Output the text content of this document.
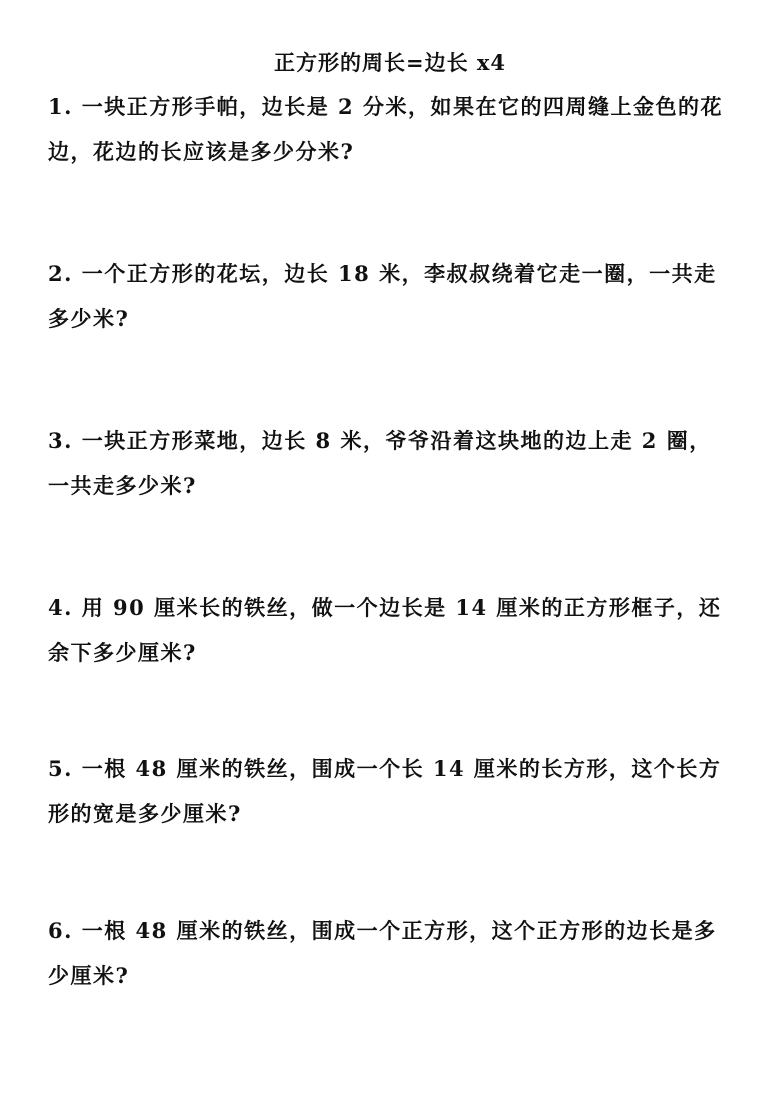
正方形的周长=边长 x4
1. 一块正方形手帕，边长是 2 分米，如果在它的四周缝上金色的花边，花边的长应该是多少分米?
2. 一个正方形的花坛，边长 18 米，李叔叔绕着它走一圈，一共走多少米?
3. 一块正方形菜地，边长 8 米，爷爷沿着这块地的边上走 2 圈，一共走多少米?
4. 用 90 厘米长的铁丝，做一个边长是 14 厘米的正方形框子，还余下多少厘米?
5. 一根 48 厘米的铁丝，围成一个长 14 厘米的长方形，这个长方形的宽是多少厘米?
6. 一根 48 厘米的铁丝，围成一个正方形，这个正方形的边长是多少厘米?
